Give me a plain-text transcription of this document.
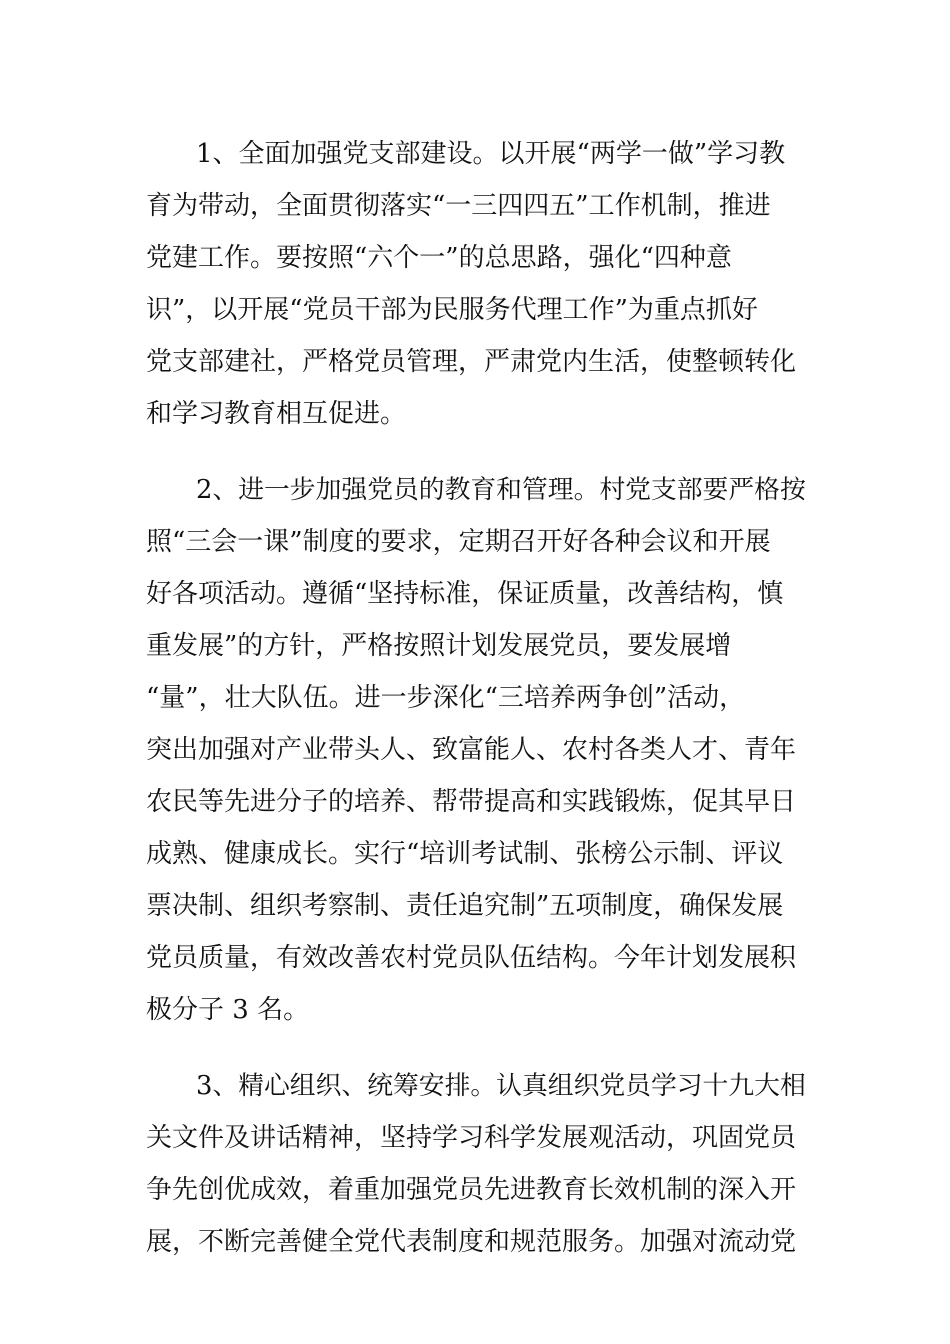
1、全面加强党支部建设。以开展“两学一做”学习教
育为带动，全面贯彻落实“一三四四五”工作机制，推进
党建工作。要按照“六个一”的总思路，强化“四种意
识”，以开展“党员干部为民服务代理工作”为重点抓好
党支部建社，严格党员管理，严肃党内生活，使整顿转化
和学习教育相互促进。
2、进一步加强党员的教育和管理。村党支部要严格按
照“三会一课”制度的要求，定期召开好各种会议和开展
好各项活动。遵循“坚持标准，保证质量，改善结构，慎
重发展”的方针，严格按照计划发展党员，要发展增
“量”，壮大队伍。进一步深化“三培养两争创”活动，
突出加强对产业带头人、致富能人、农村各类人才、青年
农民等先进分子的培养、帮带提高和实践锻炼，促其早日
成熟、健康成长。实行“培训考试制、张榜公示制、评议
票决制、组织考察制、责任追究制”五项制度，确保发展
党员质量，有效改善农村党员队伍结构。今年计划发展积
极分子 3 名。
3、精心组织、统筹安排。认真组织党员学习十九大相
关文件及讲话精神，坚持学习科学发展观活动，巩固党员
争先创优成效，着重加强党员先进教育长效机制的深入开
展，不断完善健全党代表制度和规范服务。加强对流动党
